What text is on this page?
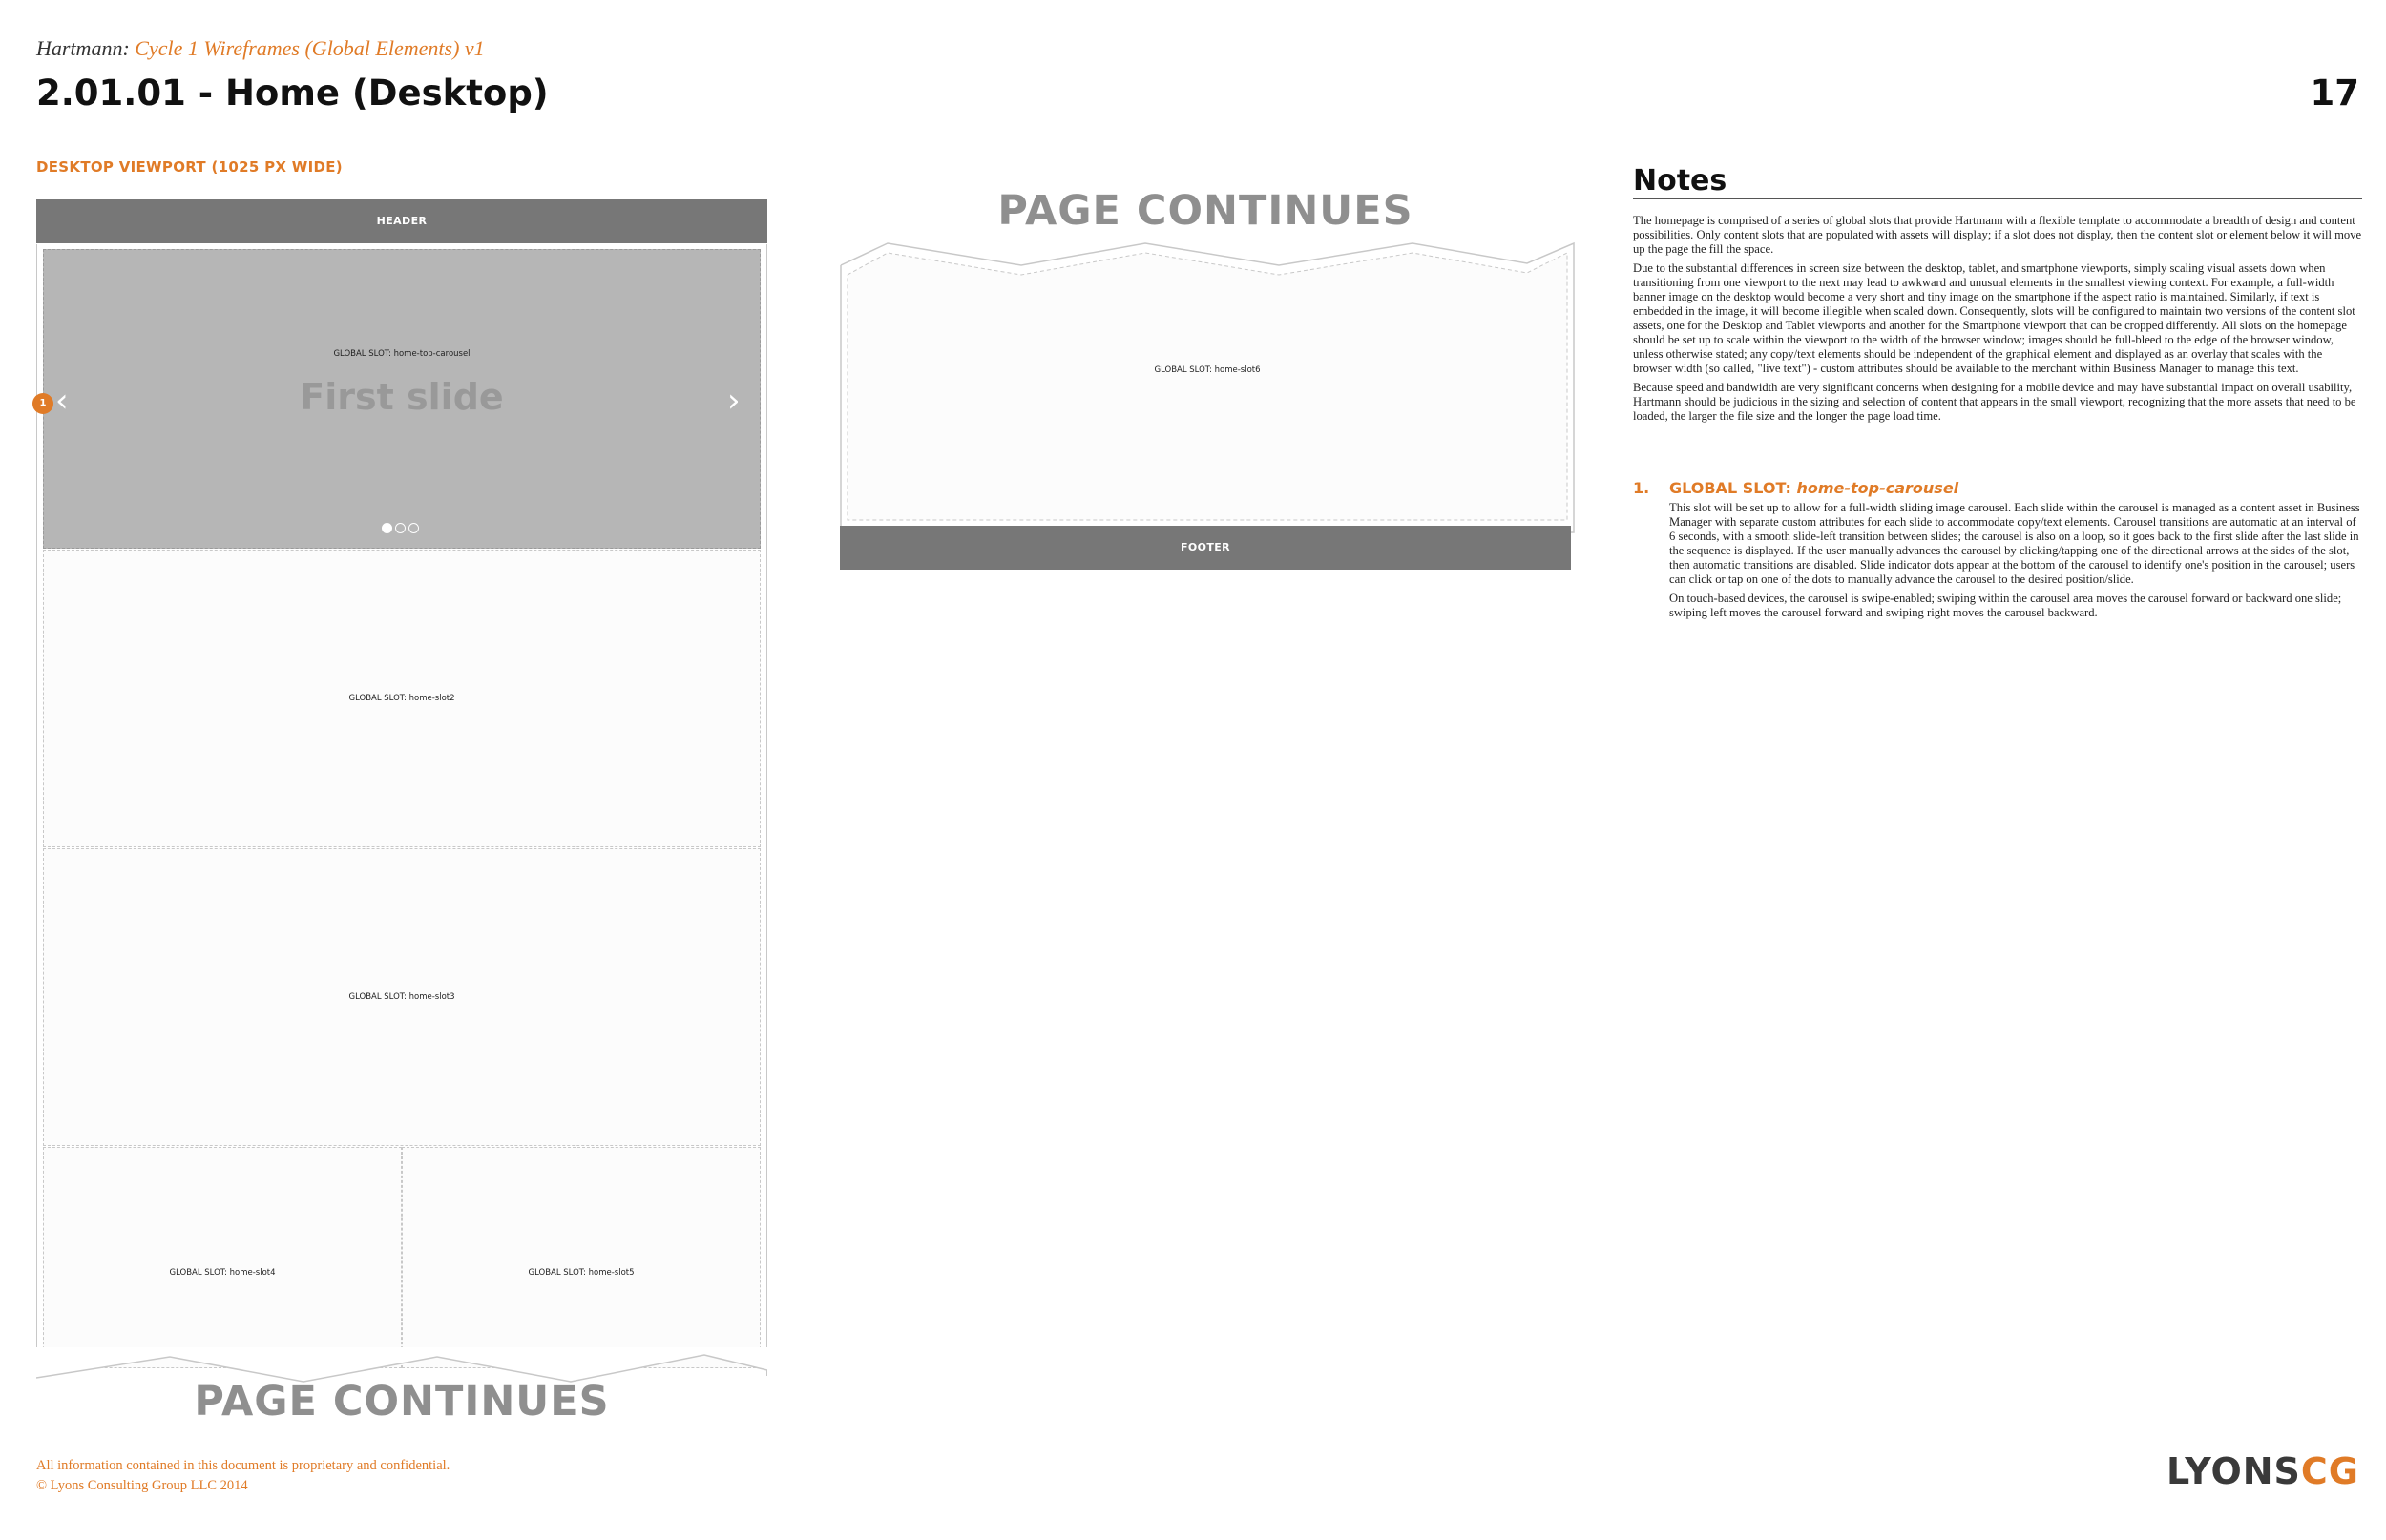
Hartmann: Cycle 1 Wireframes (Global Elements) v1
2.01.01 - Home (Desktop)	17
DESKTOP VIEWPORT (1025 PX WIDE)
HEADER
GLOBAL SLOT: home-top-carousel
First slide
‹	›
1
GLOBAL SLOT: home-slot2
GLOBAL SLOT: home-slot3
GLOBAL SLOT: home-slot4	GLOBAL SLOT: home-slot5
PAGE CONTINUES
PAGE CONTINUES
GLOBAL SLOT: home-slot6
FOOTER
Notes

The homepage is comprised of a series of global slots that provide Hartmann with a flexible template to accommodate a breadth of design and content possibilities. Only content slots that are populated with assets will display; if a slot does not display, then the content slot or element below it will move up the page the fill the space.

Due to the substantial differences in screen size between the desktop, tablet, and smartphone viewports, simply scaling visual assets down when transitioning from one viewport to the next may lead to awkward and unusual elements in the smallest viewing context. For example, a full-width banner image on the desktop would become a very short and tiny image on the smartphone if the aspect ratio is maintained. Similarly, if text is embedded in the image, it will become illegible when scaled down. Consequently, slots will be configured to maintain two versions of the content slot assets, one for the Desktop and Tablet viewports and another for the Smartphone viewport that can be cropped differently. All slots on the homepage should be set up to scale within the viewport to the width of the browser window; images should be full-bleed to the edge of the browser window, unless otherwise stated; any copy/text elements should be independent of the graphical element and displayed as an overlay that scales with the browser width (so called, "live text") - custom attributes should be available to the merchant within Business Manager to manage this text.

Because speed and bandwidth are very significant concerns when designing for a mobile device and may have substantial impact on overall usability, Hartmann should be judicious in the sizing and selection of content that appears in the small viewport, recognizing that the more assets that need to be loaded, the larger the file size and the longer the page load time.

1. GLOBAL SLOT: home-top-carousel

This slot will be set up to allow for a full-width sliding image carousel. Each slide within the carousel is managed as a content asset in Business Manager with separate custom attributes for each slide to accommodate copy/text elements. Carousel transitions are automatic at an interval of 6 seconds, with a smooth slide-left transition between slides; the carousel is also on a loop, so it goes back to the first slide after the last slide in the sequence is displayed. If the user manually advances the carousel by clicking/tapping one of the directional arrows at the sides of the slot, then automatic transitions are disabled. Slide indicator dots appear at the bottom of the carousel to identify one's position in the carousel; users can click or tap on one of the dots to manually advance the carousel to the desired position/slide.

On touch-based devices, the carousel is swipe-enabled; swiping within the carousel area moves the carousel forward or backward one slide; swiping left moves the carousel forward and swiping right moves the carousel backward.

All information contained in this document is proprietary and confidential.
© Lyons Consulting Group LLC 2014	LYONSCG
